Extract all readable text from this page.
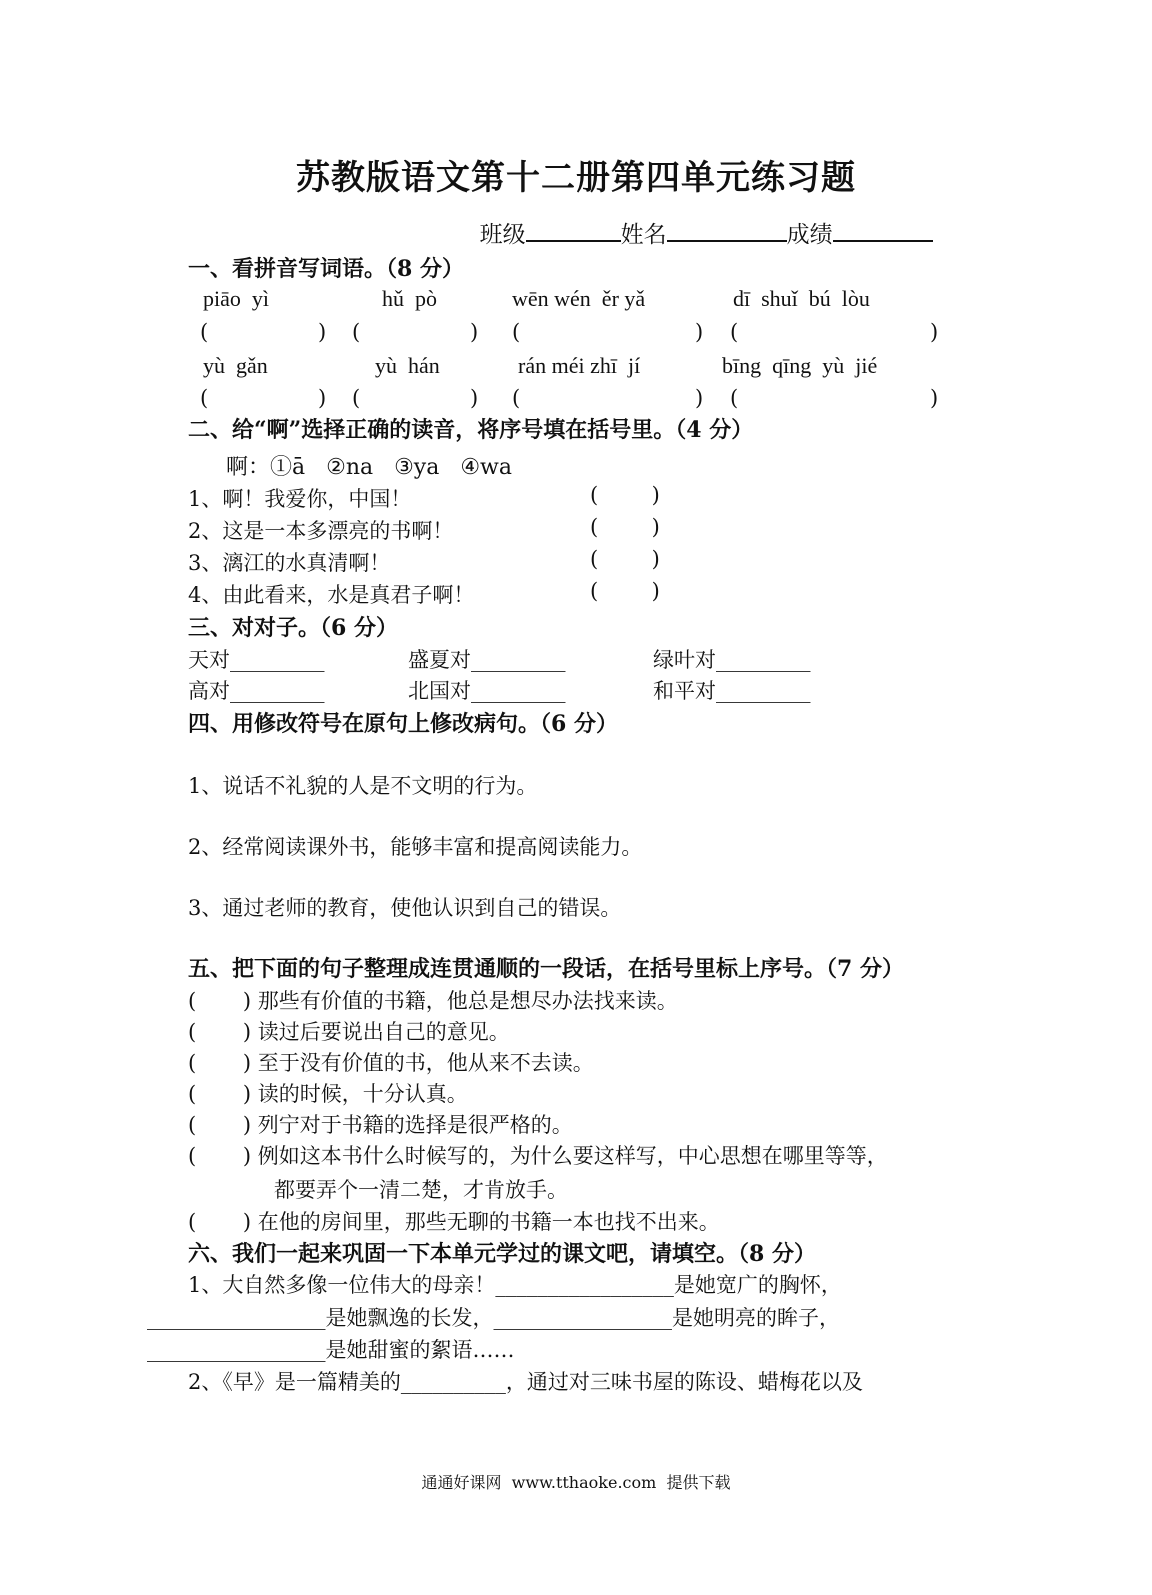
苏教版语文第十二册第四单元练习题

班级	姓名	成绩

一、看拼音写词语。（8 分）
piāo  yì	hǔ  pò	wēn wén  ěr yǎ	dī  shuǐ  bú  lòu
(	) (	) (	) (	)
yù  gǎn	yù  hán	rán méi zhī  jí	bīng  qīng  yù  jié
(	) (	) (	) (	)
二、给“啊”选择正确的读音，将序号填在括号里。（4 分）
啊：①ā   ②na   ③ya   ④wa
1、啊！我爱你，中国！	(        )
2、这是一本多漂亮的书啊！	(        )
3、漓江的水真清啊！	(        )
4、由此看来，水是真君子啊！	(        )
三、对对子。（6 分）
天对_________	盛夏对_________	绿叶对_________
高对_________	北国对_________	和平对_________
四、用修改符号在原句上修改病句。（6 分）
1、说话不礼貌的人是不文明的行为。
2、经常阅读课外书，能够丰富和提高阅读能力。
3、通过老师的教育，使他认识到自己的错误。
五、把下面的句子整理成连贯通顺的一段话，在括号里标上序号。（7 分）
(       ) 那些有价值的书籍，他总是想尽办法找来读。
(       ) 读过后要说出自己的意见。
(       ) 至于没有价值的书，他从来不去读。
(       ) 读的时候，十分认真。
(       ) 列宁对于书籍的选择是很严格的。
(       ) 例如这本书什么时候写的，为什么要这样写，中心思想在哪里等等，
都要弄个一清二楚，才肯放手。
(       ) 在他的房间里，那些无聊的书籍一本也找不出来。
六、我们一起来巩固一下本单元学过的课文吧，请填空。（8 分）
1、大自然多像一位伟大的母亲！_________________是她宽广的胸怀，
_________________是她飘逸的长发，_________________是她明亮的眸子，
_________________是她甜蜜的絮语……
2、《早》是一篇精美的__________，通过对三味书屋的陈设、蜡梅花以及
通通好课网  www.tthaoke.com  提供下载
